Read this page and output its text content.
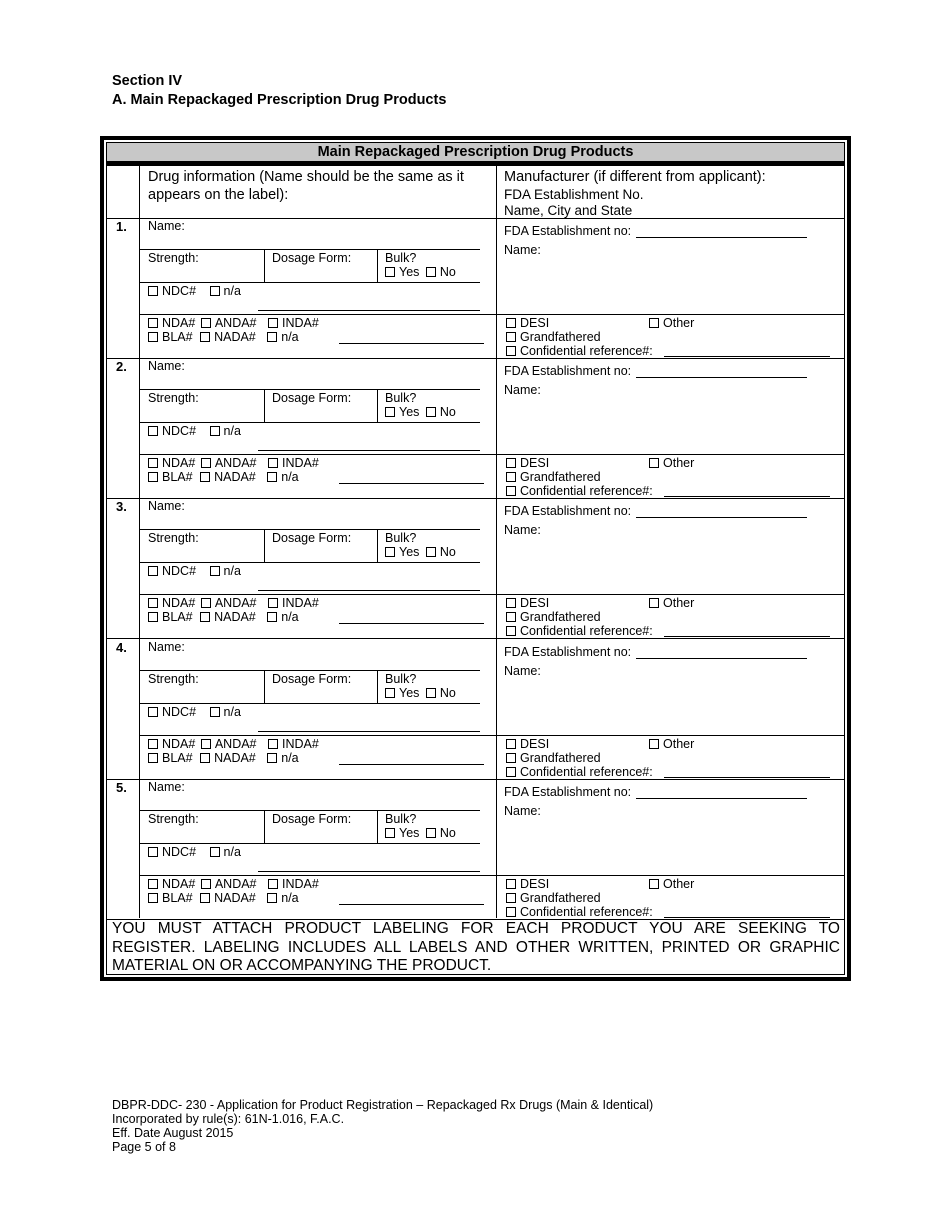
Section IV
A. Main Repackaged Prescription Drug Products
Main Repackaged Prescription Drug Products
Drug information (Name should be the same as it appears on the label):
Manufacturer (if different from applicant):
FDA Establishment No.
Name, City and State
1. Name:
Strength:	Dosage Form:	Bulk?
Yes No
NDC# n/a
NDA# ANDA# INDA#
BLA# NADA# n/a
FDA Establishment no:
Name:
DESI	Other
Grandfathered
Confidential reference#:
2. Name:
Strength:	Dosage Form:	Bulk?
Yes No
NDC# n/a
NDA# ANDA# INDA#
BLA# NADA# n/a
FDA Establishment no:
Name:
DESI	Other
Grandfathered
Confidential reference#:
3. Name:
Strength:	Dosage Form:	Bulk?
Yes No
NDC# n/a
NDA# ANDA# INDA#
BLA# NADA# n/a
FDA Establishment no:
Name:
DESI	Other
Grandfathered
Confidential reference#:
4. Name:
Strength:	Dosage Form:	Bulk?
Yes No
NDC# n/a
NDA# ANDA# INDA#
BLA# NADA# n/a
FDA Establishment no:
Name:
DESI	Other
Grandfathered
Confidential reference#:
5. Name:
Strength:	Dosage Form:	Bulk?
Yes No
NDC# n/a
NDA# ANDA# INDA#
BLA# NADA# n/a
FDA Establishment no:
Name:
DESI	Other
Grandfathered
Confidential reference#:
YOU MUST ATTACH PRODUCT LABELING FOR EACH PRODUCT YOU ARE SEEKING TO
REGISTER. LABELING INCLUDES ALL LABELS AND OTHER WRITTEN, PRINTED OR GRAPHIC
MATERIAL ON OR ACCOMPANYING THE PRODUCT.
DBPR-DDC- 230 - Application for Product Registration – Repackaged Rx Drugs (Main & Identical)
Incorporated by rule(s): 61N-1.016, F.A.C.
Eff. Date August 2015
Page 5 of 8
